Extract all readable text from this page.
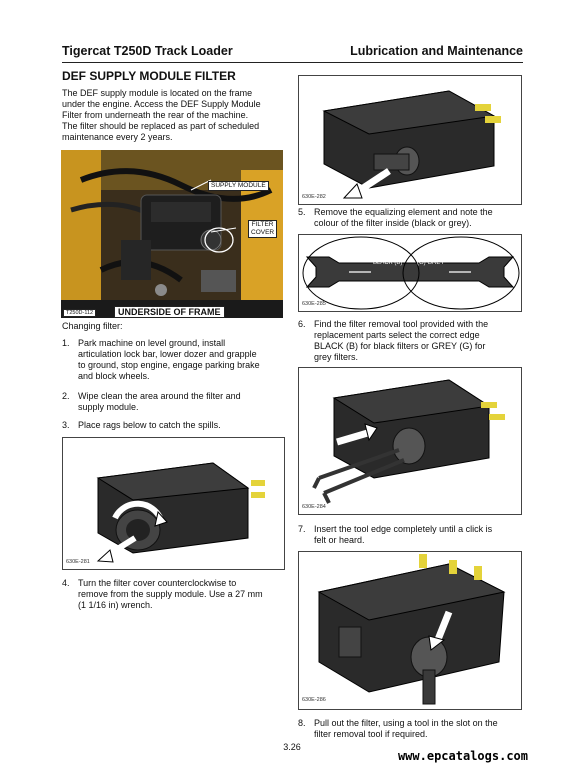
Tigercat T250D Track Loader	Lubrication and Maintenance
DEF SUPPLY MODULE FILTER
The DEF supply module is located on the frame
under the engine. Access the DEF Supply Module
Filter from underneath the rear of the machine.
The filter should be replaced as part of scheduled
maintenance every 2 years.
SUPPLY MODULE
FILTER
COVER
T250D-112	UNDERSIDE OF FRAME
Changing filter:
1. Park machine on level ground, install
articulation lock bar, lower dozer and grapple
to ground, stop engine, engage parking brake
and block wheels.
2. Wipe clean the area around the filter and
supply module.
3. Place rags below to catch the spills.
630E-281
4. Turn the filter cover counterclockwise to
remove from the supply module. Use a 27 mm
(1 1/16 in) wrench.
630E-282
5. Remove the equalizing element and note the
colour of the filter inside (black or grey).
BLACK (B) (G) GREY
630E-285
6. Find the filter removal tool provided with the
replacement parts select the correct edge
BLACK (B) for black filters or GREY (G) for
grey filters.
630E-284
7. Insert the tool edge completely until a click is
felt or heard.
630E-286
8. Pull out the filter, using a tool in the slot on the
filter removal tool if required.
3.26
www.epcatalogs.com
